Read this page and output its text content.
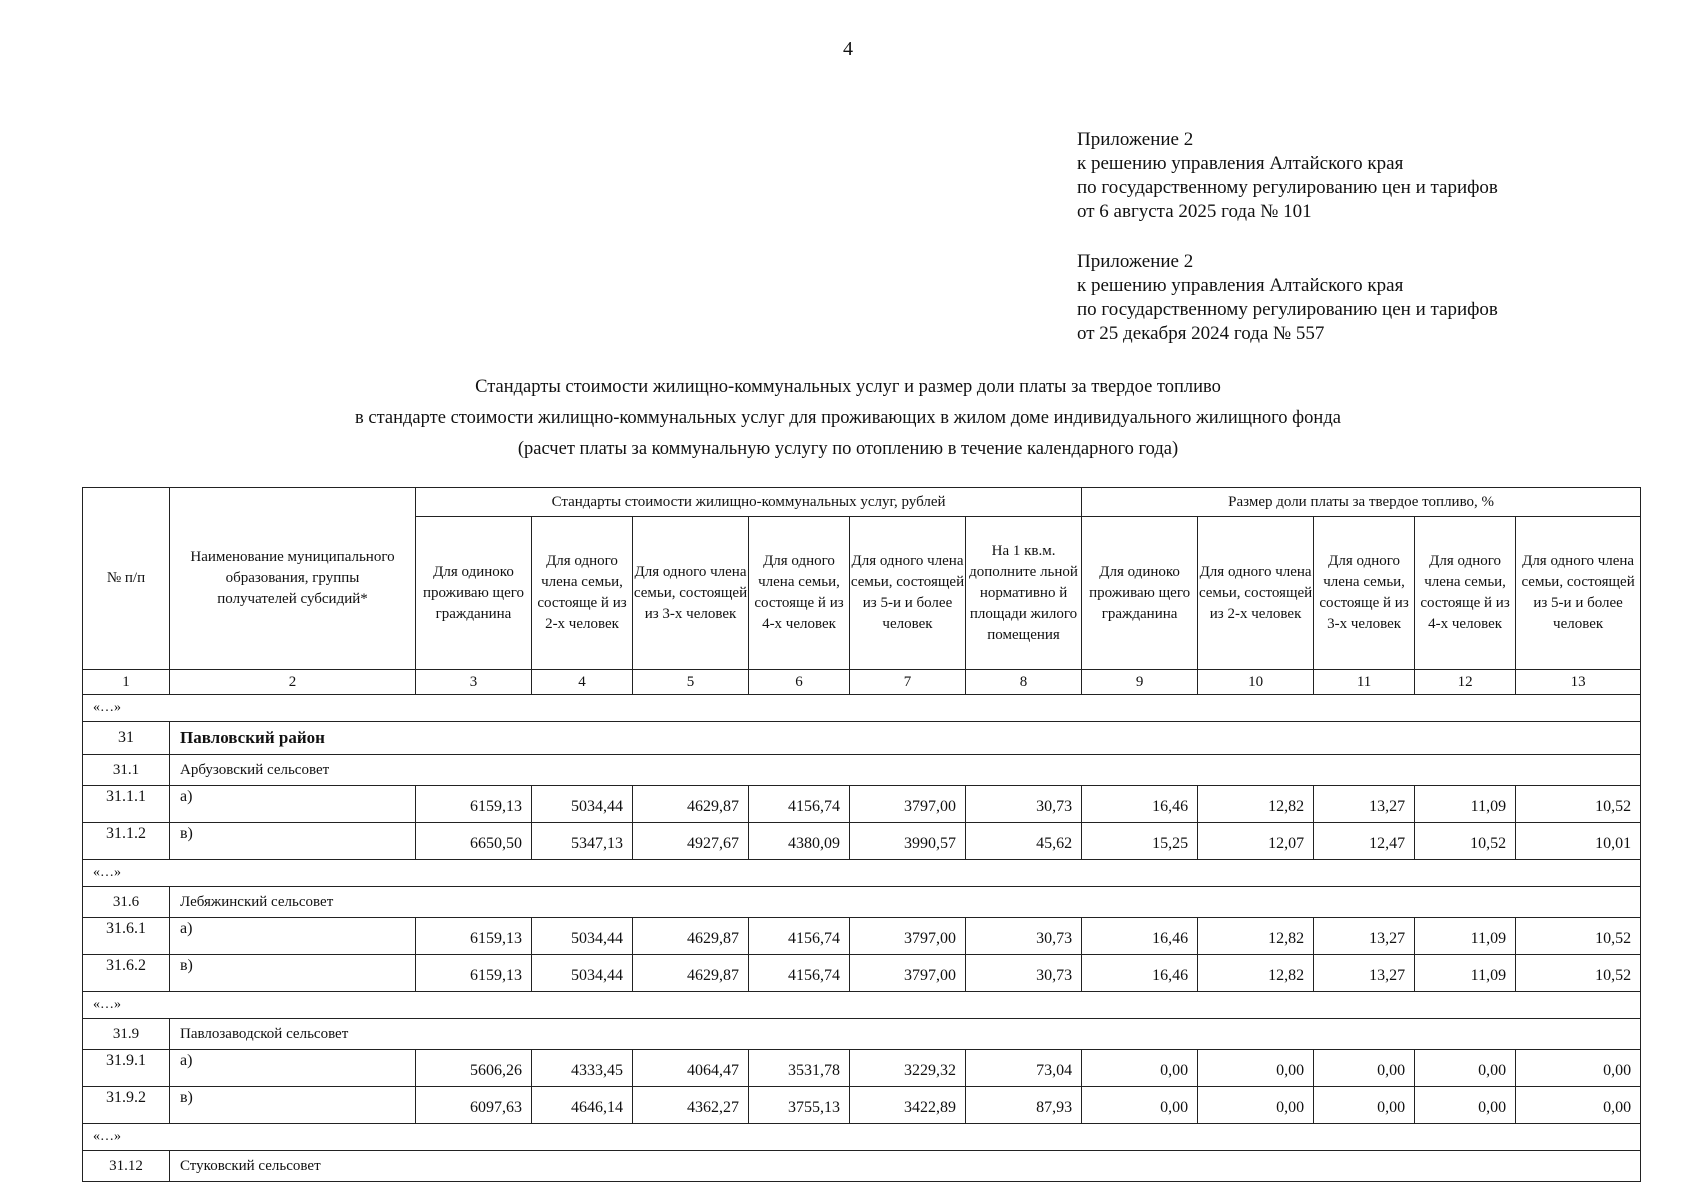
4
Приложение 2
к решению управления Алтайского края
по государственному регулированию цен и тарифов
от 6 августа 2025 года № 101
Приложение 2
к решению управления Алтайского края
по государственному регулированию цен и тарифов
от 25 декабря 2024 года № 557
Стандарты стоимости жилищно-коммунальных услуг и размер доли платы за твердое топливо
в стандарте стоимости жилищно-коммунальных услуг для проживающих в жилом доме индивидуального жилищного фонда
(расчет платы за коммунальную услугу по отоплению в течение календарного года)
№ п/п	Наименование муниципального образования, группы получателей субсидий*	Стандарты стоимости жилищно-коммунальных услуг, рублей						Размер доли платы за твердое топливо, %				
		Для одиноко проживаю щего гражданина	Для одного члена семьи, состояще й из 2-х человек	Для одного члена семьи, состоящей из 3-х человек	Для одного члена семьи, состояще й из 4-х человек	Для одного члена семьи, состоящей из 5-и и более человек	На 1 кв.м. дополните льной нормативно й площади жилого помещения	Для одиноко проживаю щего гражданина	Для одного члена семьи, состоящей из 2-х человек	Для одного члена семьи, состояще й из 3-х человек	Для одного члена семьи, состояще й из 4-х человек	Для одного члена семьи, состоящей из 5-и и более человек
1	2	3	4	5	6	7	8	9	10	11	12	13
«…»												
31	Павловский район											
31.1	Арбузовский сельсовет											
31.1.1	а)	6159,13	5034,44	4629,87	4156,74	3797,00	30,73	16,46	12,82	13,27	11,09	10,52
31.1.2	в)	6650,50	5347,13	4927,67	4380,09	3990,57	45,62	15,25	12,07	12,47	10,52	10,01
«…»												
31.6	Лебяжинский сельсовет											
31.6.1	а)	6159,13	5034,44	4629,87	4156,74	3797,00	30,73	16,46	12,82	13,27	11,09	10,52
31.6.2	в)	6159,13	5034,44	4629,87	4156,74	3797,00	30,73	16,46	12,82	13,27	11,09	10,52
«…»												
31.9	Павлозаводской сельсовет											
31.9.1	а)	5606,26	4333,45	4064,47	3531,78	3229,32	73,04	0,00	0,00	0,00	0,00	0,00
31.9.2	в)	6097,63	4646,14	4362,27	3755,13	3422,89	87,93	0,00	0,00	0,00	0,00	0,00
«…»												
31.12	Стуковский сельсовет											
